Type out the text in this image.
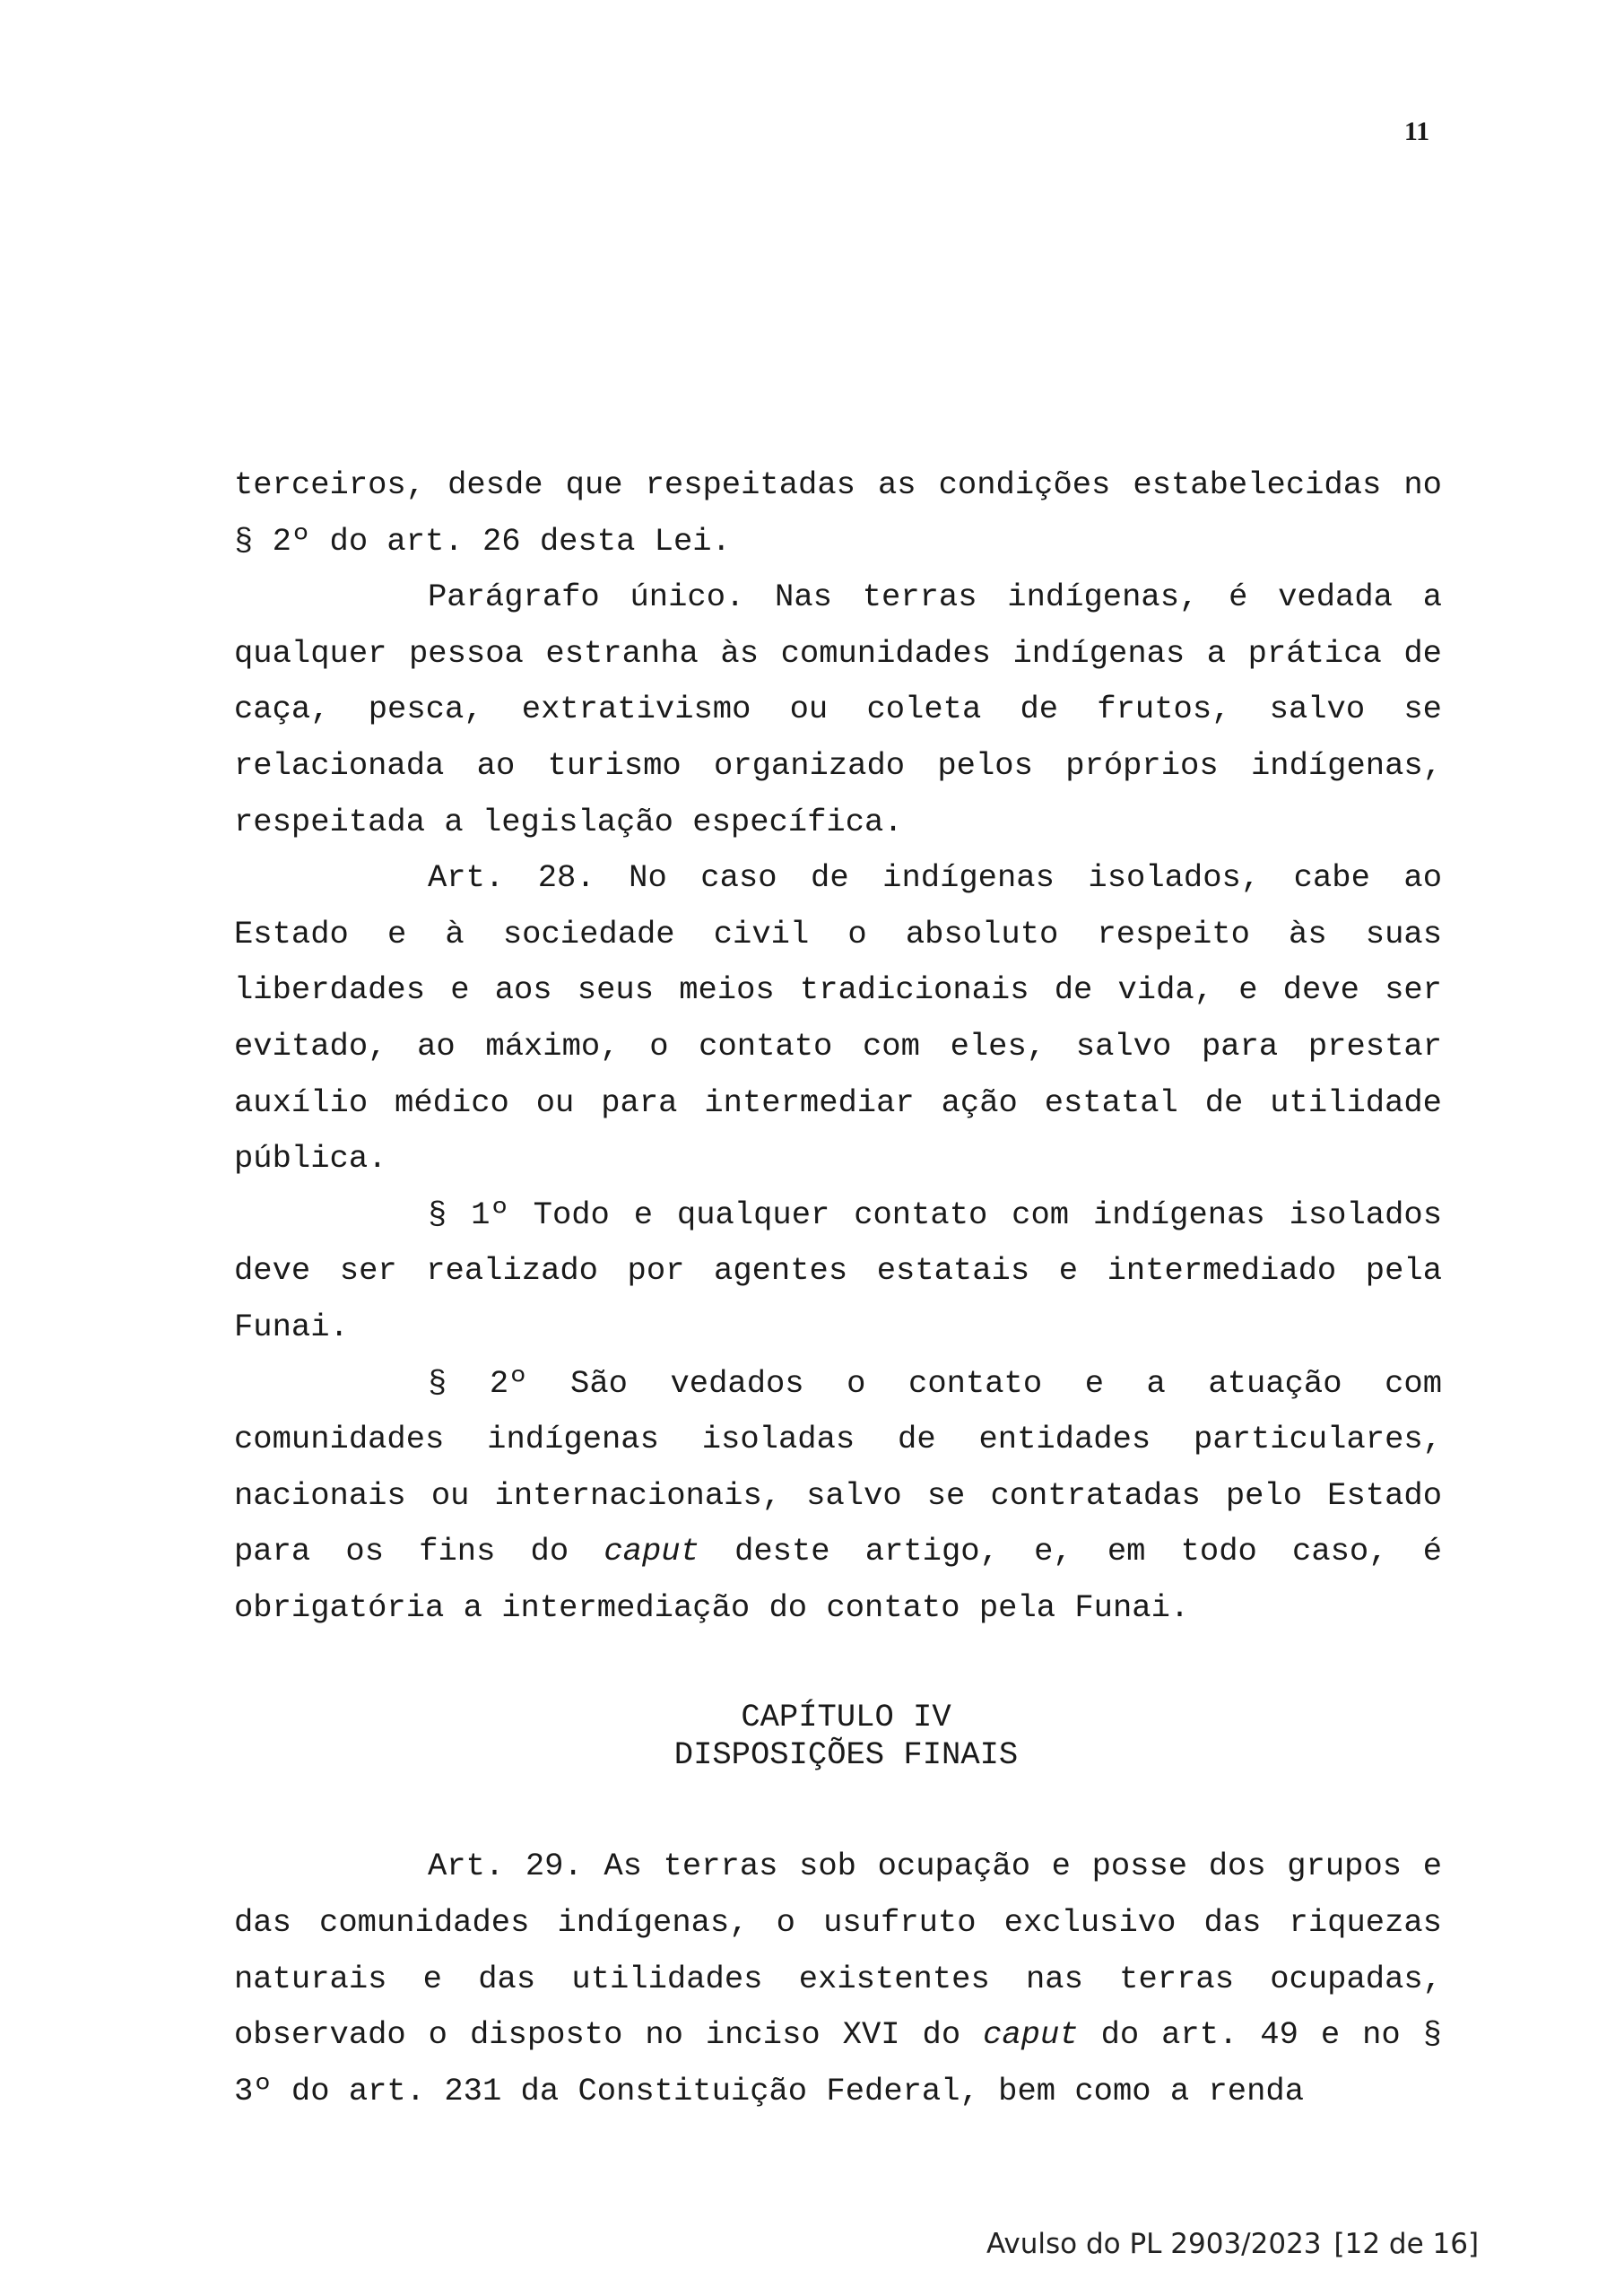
11

terceiros, desde que respeitadas as condições estabelecidas no § 2º do art. 26 desta Lei.

Parágrafo único. Nas terras indígenas, é vedada a qualquer pessoa estranha às comunidades indígenas a prática de caça, pesca, extrativismo ou coleta de frutos, salvo se relacionada ao turismo organizado pelos próprios indígenas, respeitada a legislação específica.

Art. 28. No caso de indígenas isolados, cabe ao Estado e à sociedade civil o absoluto respeito às suas liberdades e aos seus meios tradicionais de vida, e deve ser evitado, ao máximo, o contato com eles, salvo para prestar auxílio médico ou para intermediar ação estatal de utilidade pública.

§ 1º Todo e qualquer contato com indígenas isolados deve ser realizado por agentes estatais e intermediado pela Funai.

§ 2º São vedados o contato e a atuação com comunidades indígenas isoladas de entidades particulares, nacionais ou internacionais, salvo se contratadas pelo Estado para os fins do caput deste artigo, e, em todo caso, é obrigatória a intermediação do contato pela Funai.

CAPÍTULO IV
DISPOSIÇÕES FINAIS

Art. 29. As terras sob ocupação e posse dos grupos e das comunidades indígenas, o usufruto exclusivo das riquezas naturais e das utilidades existentes nas terras ocupadas, observado o disposto no inciso XVI do caput do art. 49 e no § 3º do art. 231 da Constituição Federal, bem como a renda

Avulso do PL 2903/2023 [12 de 16]
